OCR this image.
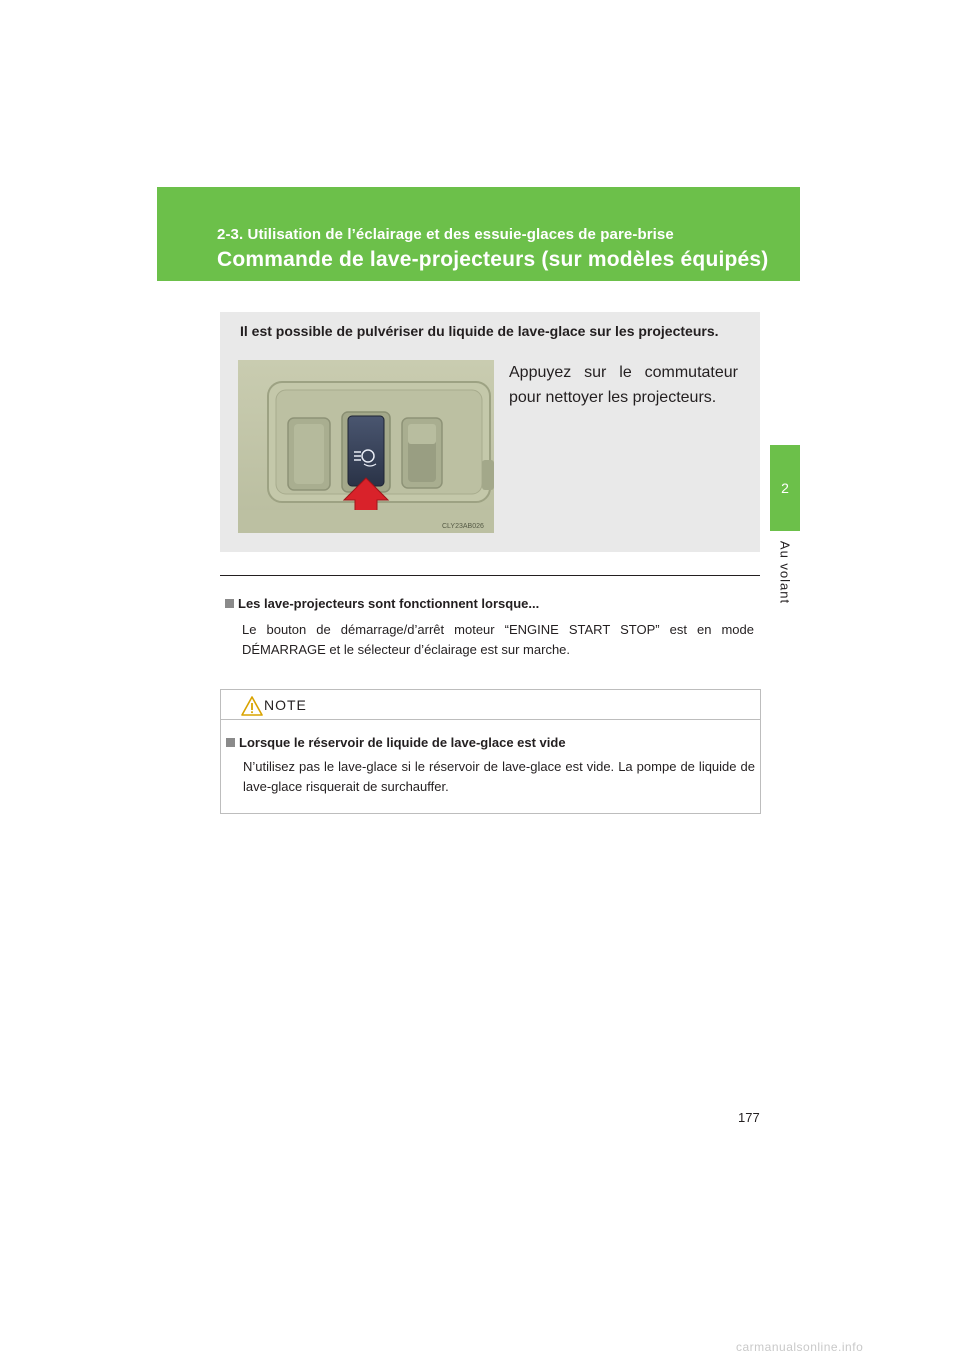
2-3. Utilisation de l’éclairage et des essuie-glaces de pare-brise
Commande de lave-projecteurs (sur modèles équipés)
2
Au volant
Il est possible de pulvériser du liquide de lave-glace sur les projecteurs.
CLY23AB026
Appuyez sur le commutateur pour nettoyer les projecteurs.
Les lave-projecteurs sont fonctionnent lorsque...
Le bouton de démarrage/d’arrêt moteur “ENGINE START STOP” est en mode DÉMARRAGE et le sélecteur d’éclairage est sur marche.
NOTE
Lorsque le réservoir de liquide de lave-glace est vide
N’utilisez pas le lave-glace si le réservoir de lave-glace est vide. La pompe de liquide de lave-glace risquerait de surchauffer.
177
carmanualsonline.info
